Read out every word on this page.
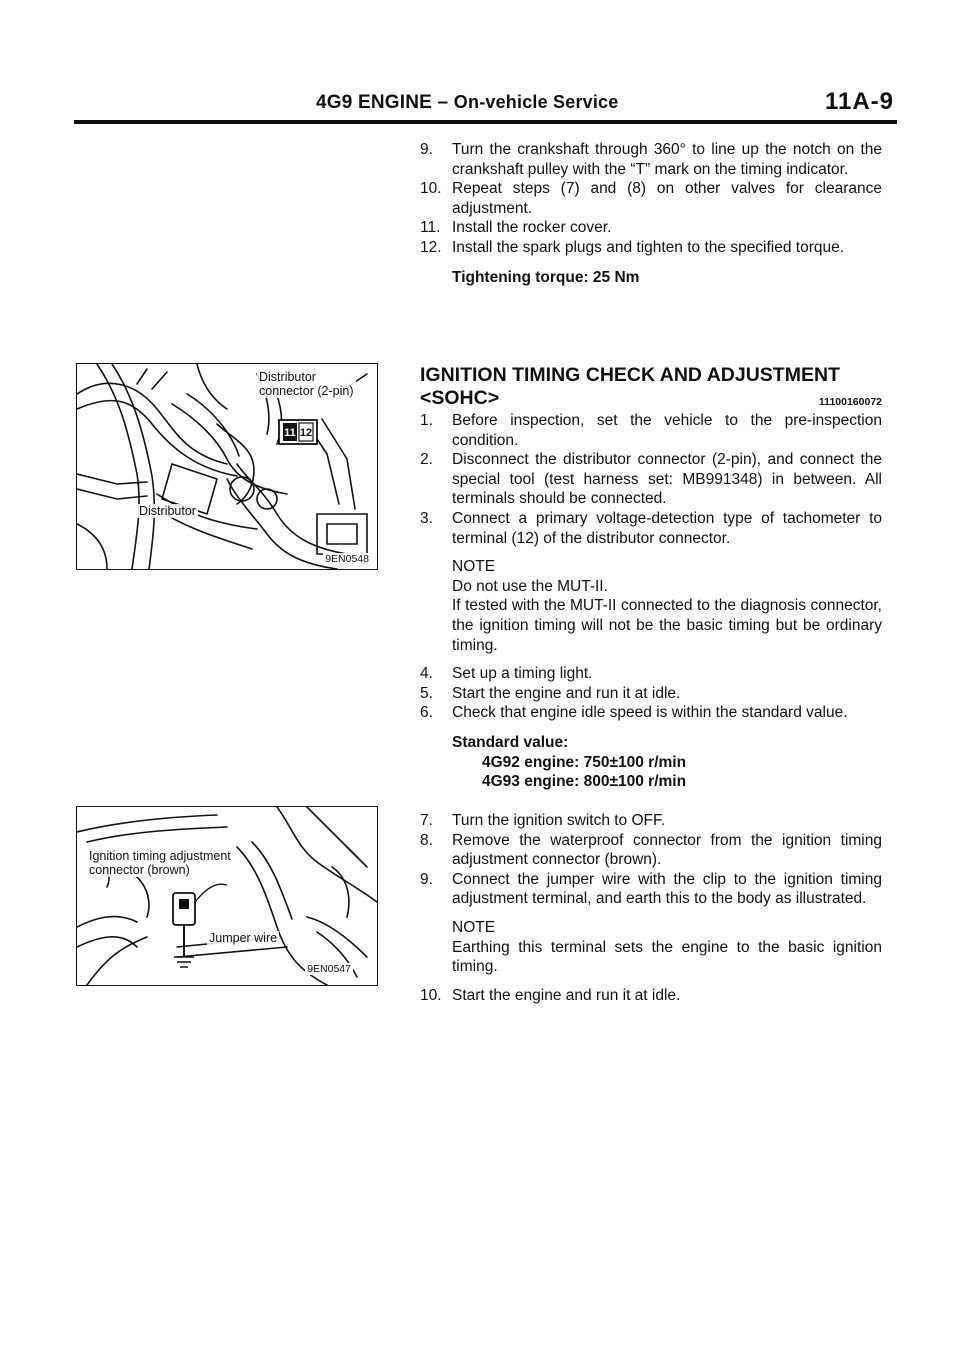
4G9 ENGINE – On-vehicle Service	11A-9
9. Turn the crankshaft through 360° to line up the notch on the crankshaft pulley with the “T” mark on the timing indicator.
10. Repeat steps (7) and (8) on other valves for clearance adjustment.
11. Install the rocker cover.
12. Install the spark plugs and tighten to the specified torque.
Tightening torque: 25 Nm
IGNITION TIMING CHECK AND ADJUSTMENT
<SOHC>	11100160072
1. Before inspection, set the vehicle to the pre-inspection condition.
2. Disconnect the distributor connector (2-pin), and connect the special tool (test harness set: MB991348) in between. All terminals should be connected.
3. Connect a primary voltage-detection type of tachometer to terminal (12) of the distributor connector.
NOTE
Do not use the MUT-II.
If tested with the MUT-II connected to the diagnosis connector, the ignition timing will not be the basic timing but be ordinary timing.
4. Set up a timing light.
5. Start the engine and run it at idle.
6. Check that engine idle speed is within the standard value.
Standard value:
4G92 engine: 750±100 r/min
4G93 engine: 800±100 r/min
7. Turn the ignition switch to OFF.
8. Remove the waterproof connector from the ignition timing adjustment connector (brown).
9. Connect the jumper wire with the clip to the ignition timing adjustment terminal, and earth this to the body as illustrated.
NOTE
Earthing this terminal sets the engine to the basic ignition timing.
10. Start the engine and run it at idle.
11 12
Distributor
connector (2-pin)
Distributor
9EN0548
Ignition timing adjustment
connector (brown)
Jumper wire
9EN0547
